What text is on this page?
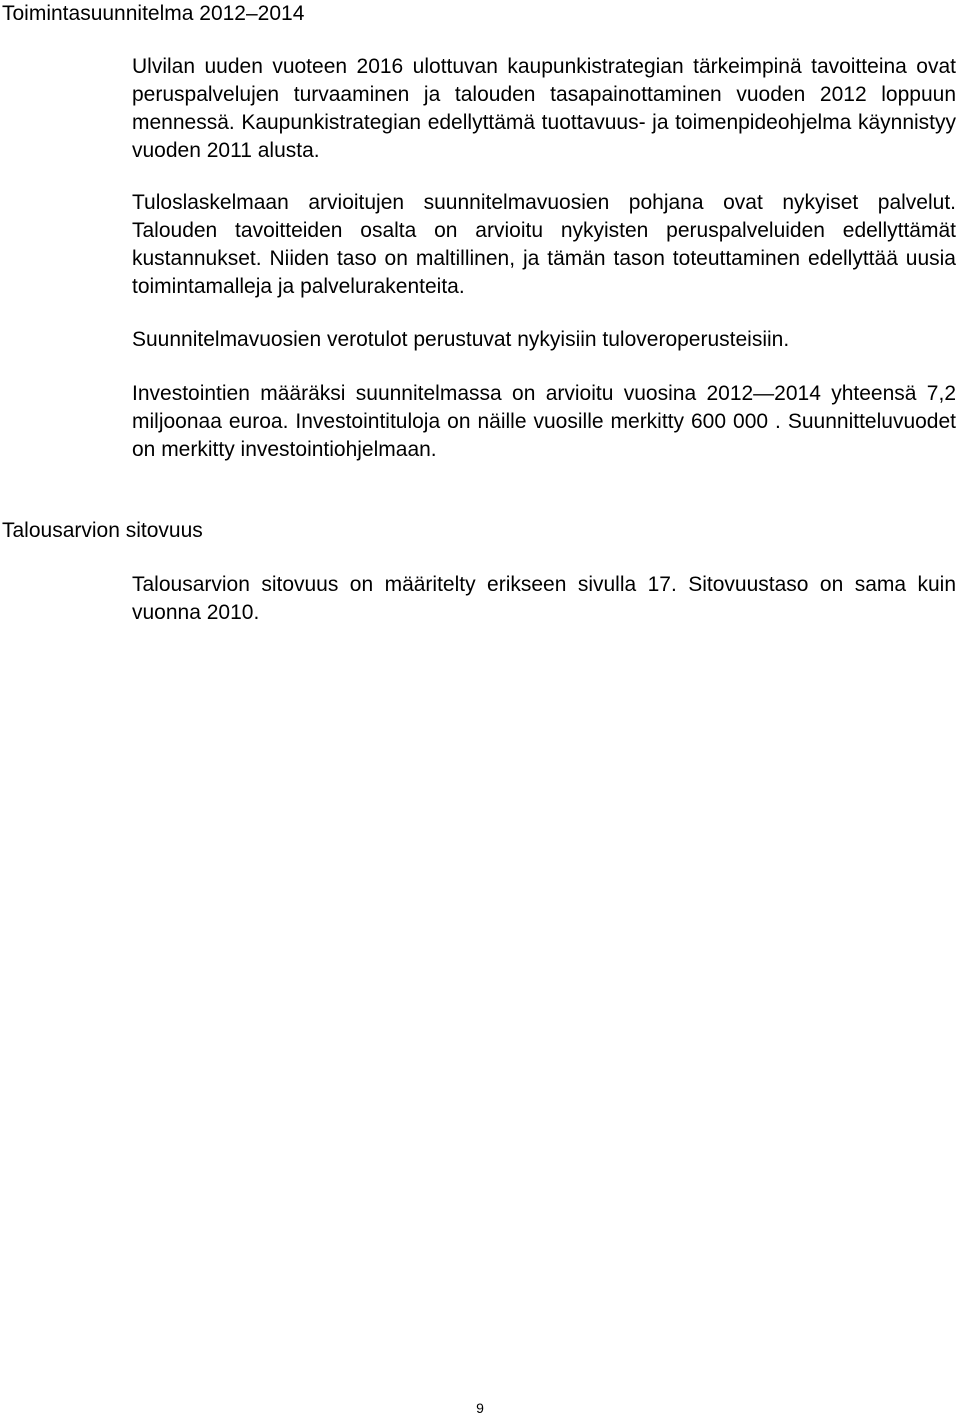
Toimintasuunnitelma 2012–2014

Ulvilan uuden vuoteen 2016 ulottuvan kaupunkistrategian tärkeimpinä tavoitteina ovat peruspalvelujen turvaaminen ja talouden tasapainottaminen vuoden 2012 loppuun mennessä. Kaupunkistrategian edellyttämä tuottavuus- ja toimenpideohjelma käynnistyy vuoden 2011 alusta.

Tuloslaskelmaan arvioitujen suunnitelmavuosien pohjana ovat nykyiset palvelut. Talouden tavoitteiden osalta on arvioitu nykyisten peruspalveluiden edellyttämät kustannukset. Niiden taso on maltillinen, ja tämän tason toteuttaminen edellyttää uusia toimintamalleja ja palvelurakenteita.

Suunnitelmavuosien verotulot perustuvat nykyisiin tuloveroperusteisiin.

Investointien määräksi suunnitelmassa on arvioitu vuosina 2012—2014 yhteensä 7,2 miljoonaa euroa. Investointituloja on näille vuosille merkitty 600 000 . Suunnitteluvuodet on merkitty investointiohjelmaan.

Talousarvion sitovuus

Talousarvion sitovuus on määritelty erikseen sivulla 17. Sitovuustaso on sama kuin vuonna 2010.

9
